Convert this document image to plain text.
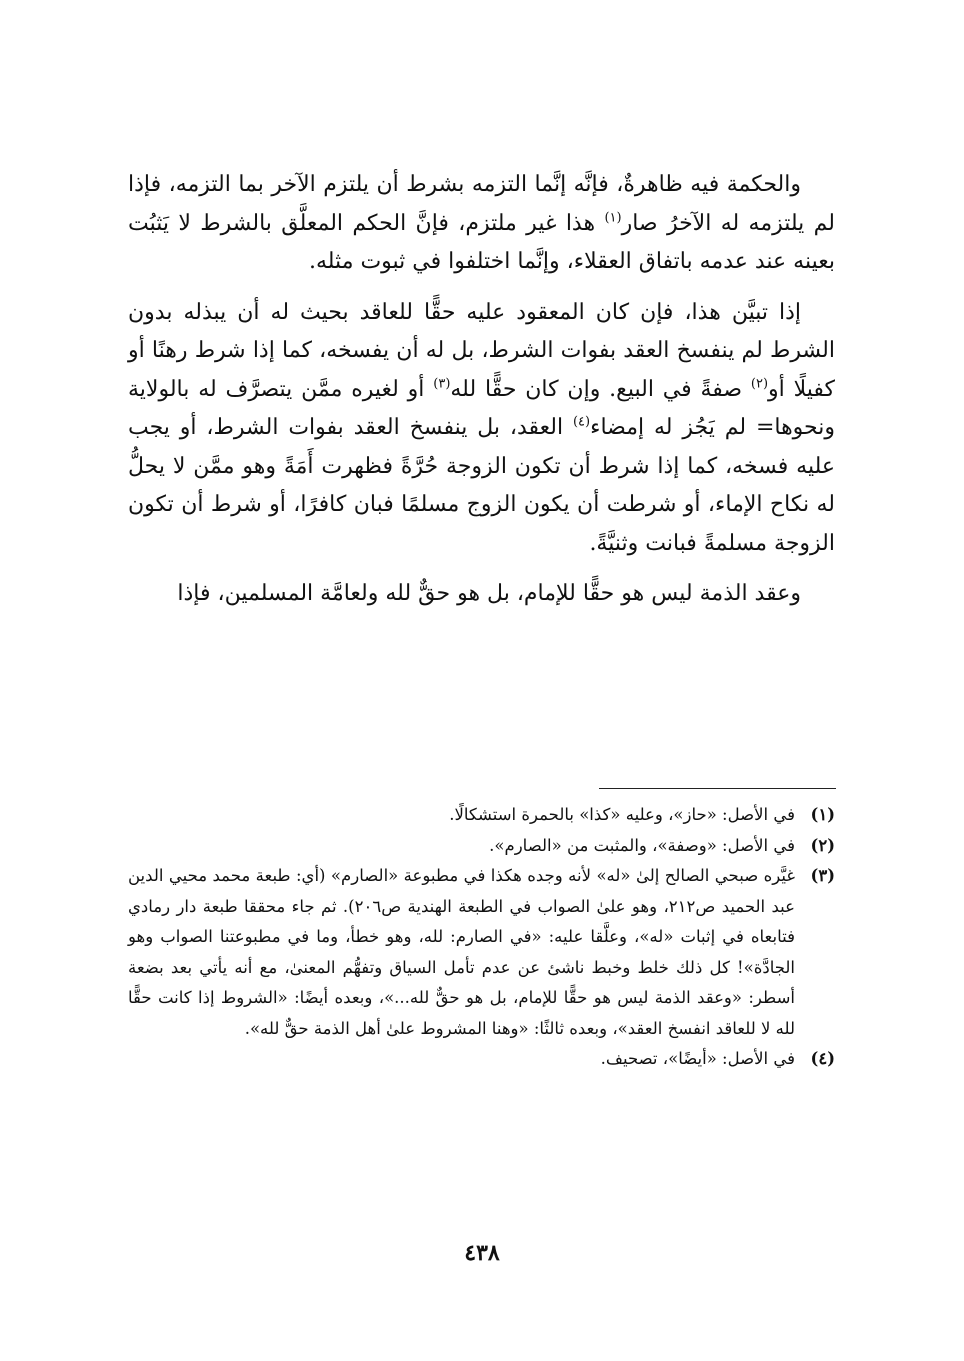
والحكمة فيه ظاهرةٌ، فإنَّه إنَّما التزمه بشرط أن يلتزم الآخر بما التزمه، فإذا لم يلتزمه له الآخرُ صار$^{(١)}$ هذا غير ملتزم، فإنَّ الحكم المعلَّق بالشرط لا يَثبُت بعينه عند عدمه باتفاق العقلاء، وإنَّما اختلفوا في ثبوت مثله.

إذا تبيَّن هذا، فإن كان المعقود عليه حقًّا للعاقد بحيث له أن يبذله بدون الشرط لم ينفسخ العقد بفوات الشرط، بل له أن يفسخه، كما إذا شرط رهنًا أو كفيلًا أو$^{(٢)}$ صفةً في البيع. وإن كان حقًّا لله$^{(٣)}$ أو لغيره ممَّن يتصرَّف له بالولاية ونحوها= لم يَجُز له إمضاء$^{(٤)}$ العقد، بل ينفسخ العقد بفوات الشرط، أو يجب عليه فسخه، كما إذا شرط أن تكون الزوجة حُرَّةً فظهرت أَمَةً وهو ممَّن لا يحلُّ له نكاح الإماء، أو شرطت أن يكون الزوج مسلمًا فبان كافرًا، أو شرط أن تكون الزوجة مسلمةً فبانت وثنيَّةً.

وعقد الذمة ليس هو حقًّا للإمام، بل هو حقٌّ لله ولعامَّة المسلمين، فإذا

(١)
في الأصل: «حاز»، وعليه «كذا» بالحمرة استشكالًا.
(٢)
في الأصل: «وصفة»، والمثبت من «الصارم».
(٣)
غيَّره صبحي الصالح إلىٰ «له» لأنه وجده هكذا في مطبوعة «الصارم» (أي: طبعة محمد محيي الدين عبد الحميد ص٢١٢، وهو علىٰ الصواب في الطبعة الهندية ص٢٠٦). ثم جاء محققا طبعة دار رمادي فتابعاه في إثبات «له»، وعلَّقا عليه: «في الصارم: لله، وهو خطأ، وما في مطبوعتنا الصواب وهو الجادَّة»! كل ذلك خلط وخبط ناشئ عن عدم تأمل السياق وتفهُّم المعنىٰ، مع أنه يأتي بعد بضعة أسطر: «وعقد الذمة ليس هو حقًّا للإمام، بل هو حقٌّ لله...»، وبعده أيضًا: «الشروط إذا كانت حقًّا لله لا للعاقد انفسخ العقد»، وبعده ثالثًا: «وهنا المشروط علىٰ أهل الذمة حقٌّ لله».
(٤)
في الأصل: «أيضًا»، تصحيف.
٤٣٨
